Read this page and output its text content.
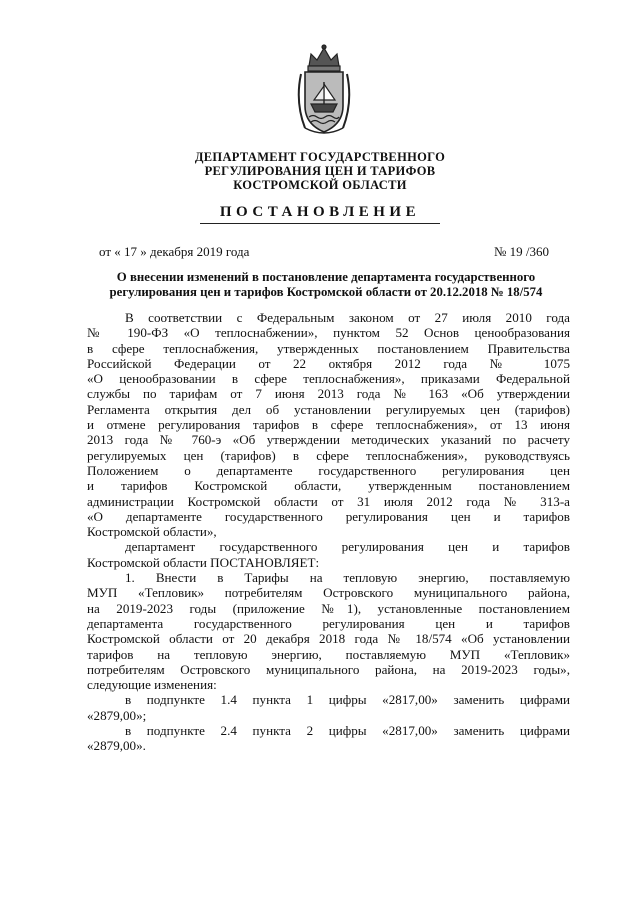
ДЕПАРТАМЕНТ ГОСУДАРСТВЕННОГО
РЕГУЛИРОВАНИЯ ЦЕН И ТАРИФОВ
КОСТРОМСКОЙ ОБЛАСТИ
ПОСТАНОВЛЕНИЕ
от « 17 » декабря 2019 года	№ 19 /360
О внесении изменений в постановление департамента государственного
регулирования цен и тарифов Костромской области от 20.12.2018 № 18/574
В соответствии с Федеральным законом от 27 июля 2010 года
№ 190-ФЗ «О теплоснабжении», пунктом 52 Основ ценообразования
в сфере теплоснабжения, утвержденных постановлением Правительства
Российской Федерации от 22 октября 2012 года № 1075
«О ценообразовании в сфере теплоснабжения», приказами Федеральной
службы по тарифам от 7 июня 2013 года № 163 «Об утверждении
Регламента открытия дел об установлении регулируемых цен (тарифов)
и отмене регулирования тарифов в сфере теплоснабжения», от 13 июня
2013 года № 760-э «Об утверждении методических указаний по расчету
регулируемых цен (тарифов) в сфере теплоснабжения», руководствуясь
Положением о департаменте государственного регулирования цен
и тарифов Костромской области, утвержденным постановлением
администрации Костромской области от 31 июля 2012 года № 313-а
«О департаменте государственного регулирования цен и тарифов
Костромской области»,
департамент государственного регулирования цен и тарифов
Костромской области ПОСТАНОВЛЯЕТ:
1. Внести в Тарифы на тепловую энергию, поставляемую
МУП «Тепловик» потребителям Островского муниципального района,
на 2019-2023 годы (приложение №1), установленные постановлением
департамента государственного регулирования цен и тарифов
Костромской области от 20 декабря 2018 года № 18/574 «Об установлении
тарифов на тепловую энергию, поставляемую МУП «Тепловик»
потребителям Островского муниципального района, на 2019-2023 годы»,
следующие изменения:
в подпункте 1.4 пункта 1 цифры «2817,00» заменить цифрами
«2879,00»;
в подпункте 2.4 пункта 2 цифры «2817,00» заменить цифрами
«2879,00».
